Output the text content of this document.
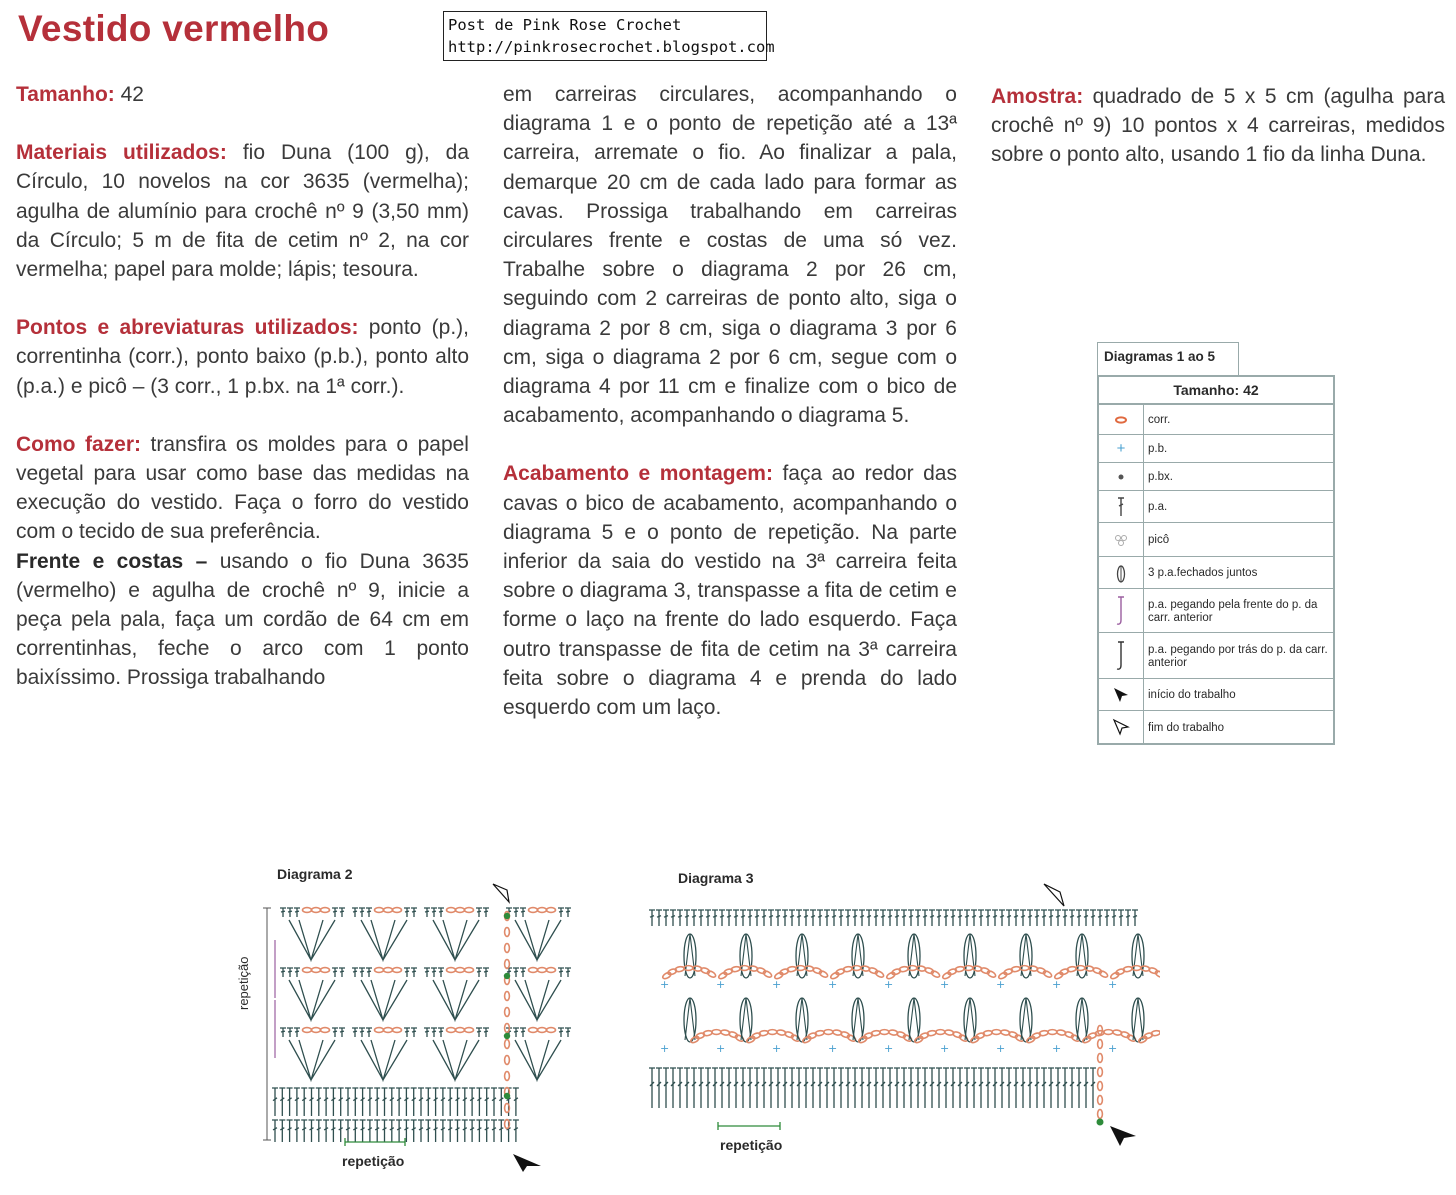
Vestido vermelho	Post de Pink Rose Crochet
http://pinkrosecrochet.blogspot.com

Tamanho: 42

Materiais utilizados: fio Duna (100 g), da Círculo, 10 novelos na cor 3635 (vermelha); agulha de alumínio para crochê nº 9 (3,50 mm) da Círculo; 5 m de fita de cetim nº 2, na cor vermelha; papel para molde; lápis; tesoura.

Pontos e abreviaturas utilizados: ponto (p.), correntinha (corr.), ponto baixo (p.b.), ponto alto (p.a.) e picô – (3 corr., 1 p.bx. na 1ª corr.).

Como fazer: transfira os moldes para o papel vegetal para usar como base das medidas na execução do vestido. Faça o forro do vestido com o tecido de sua preferência.

Frente e costas – usando o fio Duna 3635 (vermelho) e agulha de crochê nº 9, inicie a peça pela pala, faça um cordão de 64 cm em correntinhas, feche o arco com 1 ponto baixíssimo. Prossiga trabalhando

em carreiras circulares, acompanhando o diagrama 1 e o ponto de repetição até a 13ª carreira, arremate o fio. Ao finalizar a pala, demarque 20 cm de cada lado para formar as cavas. Prossiga trabalhando em carreiras circulares frente e costas de uma só vez. Trabalhe sobre o diagrama 2 por 26 cm, seguindo com 2 carreiras de ponto alto, siga o diagrama 2 por 8 cm, siga o diagrama 3 por 6 cm, siga o diagrama 2 por 6 cm, segue com o diagrama 4 por 11 cm e finalize com o bico de acabamento, acompanhando o diagrama 5.

Acabamento e montagem: faça ao redor das cavas o bico de acabamento, acompanhando o diagrama 5 e o ponto de repetição. Na parte inferior da saia do vestido na 3ª carreira feita sobre o diagrama 3, transpasse a fita de cetim e forme o laço na frente do lado esquerdo. Faça outro transpasse de fita de cetim na 3ª carreira feita sobre o diagrama 4 e prenda do lado esquerdo com um laço.

Amostra: quadrado de 5 x 5 cm (agulha para crochê nº 9) 10 pontos x 4 carreiras, medidos sobre o ponto alto, usando 1 fio da linha Duna.

Diagramas 1 ao 5
Tamanho: 42
corr.
+	p.b.
p.bx.
p.a.
picô
3 p.a.fechados juntos
p.a. pegando pela frente do p. da carr. anterior
p.a. pegando por trás do p. da carr. anterior
início do trabalho
fim do trabalho
Diagrama 2
repetição
repetição
Diagrama 3
repetição
+	+	+	+	+	+	+	+	+
+	+	+	+	+	+	+	+	+
